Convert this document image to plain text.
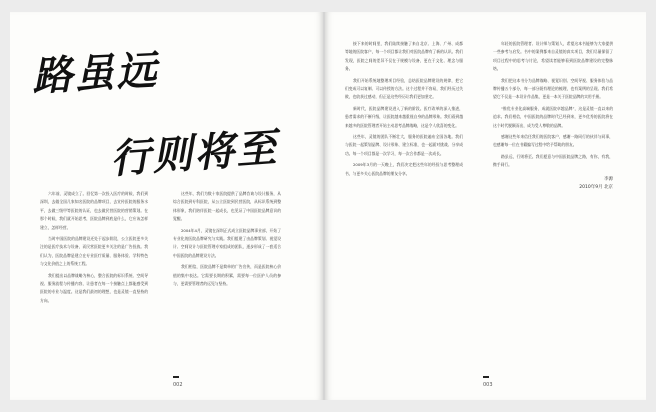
路虽远
行则将至

六年前，灵镜成立了。回忆第一次投入医疗的时候，我们到深圳，去做全国几家知名医院的品牌项目，去宣传医院的服务水平，去做三级甲等医院的认证，也去做民营医院的营销策划。在那个时候，我们就开始思考，医院品牌到底是什么，它应该怎样建立，怎样经营。

当时中国医院的品牌建设还处于起步阶段，公立医院更多关注的是医疗技术与设备，而民营医院更多关注的是广告投放。我们认为，医院品牌是建立在专业医疗质量、服务体验、学科特色与文化价值之上的系统工程。

我们提出以品牌战略为核心，整合医院的标识系统、空间导视、服务流程与传播内容，让患者在每一个接触点上都能感受到医院的专业与温度。这是我们最初的理想，也是灵镜一直坚持的方向。

这些年，我们为数十家医院提供了品牌咨询与设计服务，从综合医院到专科医院，从公立医院到民营医院，从标识系统到整体形象，我们陪伴医院一起成长，也见证了中国医院品牌意识的觉醒。

2004年4月，灵镜在深圳正式成立医院品牌事业部，开始了专业化的医院品牌研究与实践。我们组建了由品牌策划、视觉设计、空间设计与医院管理专家组成的团队，逐步形成了一套适合中国医院的品牌建设方法。

我们相信，医院品牌不是简单的广告宣传，而是医院核心价值的集中表达。它需要长期的积累，需要每一位医护人员的参与，更需要管理者的远见与坚持。

002

接下来的时间里，我们陆续接触了来自北京、上海、广州、成都等地的医院客户，每一个项目都让我们对医院品牌有了新的认识。我们发现，医院之间的差异不仅在于规模与设备，更在于文化、理念与服务。

我们开始系统地整理项目经验，总结医院品牌建设的规律，把它们变成可以复制、可以传授的方法。这个过程并不容易，我们经历过失败，也收获过感动，但正是这些经历让我们更加坚定。

新时代，医院品牌建设进入了新的阶段。医疗改革的深入推进，患者需求的不断升级，让医院越来越重视自身的品牌形象。我们看到越来越多的医院管理者开始主动思考品牌战略，这是令人欣喜的变化。

这些年，灵镜的团队不断壮大，服务的医院遍布全国各地。我们与医院一起策划品牌、设计形象、建立标准，也一起面对挑战、分享成功。每一个项目都是一次学习，每一次合作都是一次成长。

2009年3月的一天晚上，我们决定把这些年的经验与思考整理成书，与更多关心医院品牌的朋友分享。

年轻的医院管理者、设计师与策划人，希望这本书能够为大家提供一些参考与启发。书中的案例都来自灵镜的真实项目，我们尽量保留了项目过程中的思考与讨论，希望读者能够看到医院品牌建设的完整脉络。

我们把这本书分为品牌战略、视觉识别、空间导视、服务体验与品牌传播五个部分，每一部分既有理论的梳理，也有案例的呈现。我们希望它不仅是一本设计作品集，更是一本关于医院品牌的实用手册。

“惟优专业化高端服务，成就医院卓越品牌”，这是灵镜一直以来的追求。我们相信，中国医院的品牌时代已经到来，更多优秀的医院将在这个时代脱颖而出，成为受人尊敬的品牌。

感谢这些年来信任我们的医院客户，感谢一路同行的伙伴与同事，也感谢每一位在书籍编写过程中给予帮助的朋友。

路虽远，行则将至。我们愿意与中国医院品牌之路，有你，有我，携手同行。

李源
2010年9月 北京
003
